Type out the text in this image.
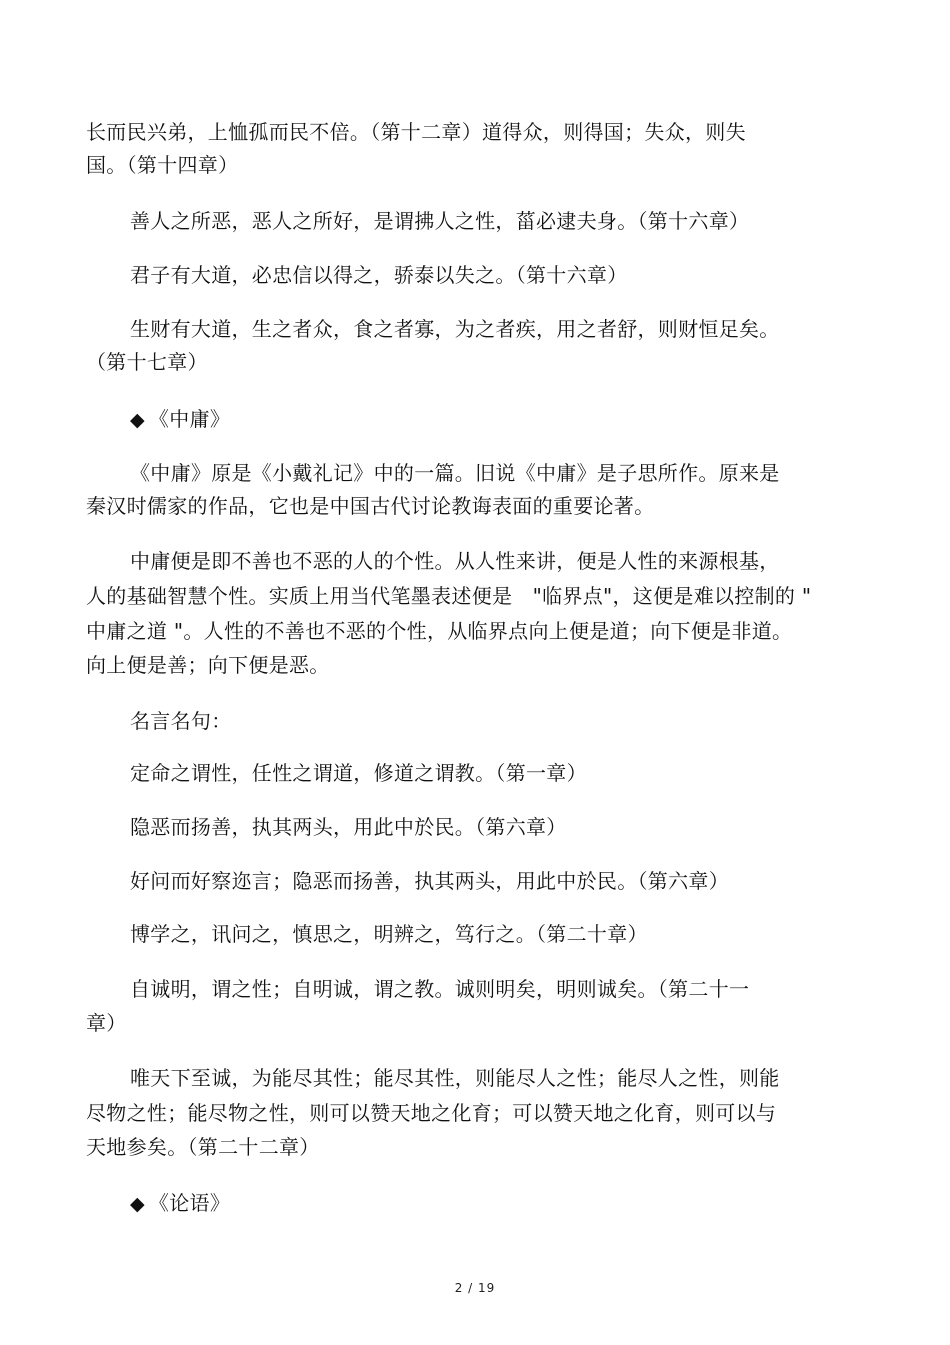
长而民兴弟，上恤孤而民不倍。（第十二章）道得众，则得国；失众，则失
国。（第十四章）
善人之所恶，恶人之所好，是谓拂人之性，菑必逮夫身。（第十六章）
君子有大道，必忠信以得之，骄泰以失之。（第十六章）
生财有大道，生之者众，食之者寡，为之者疾，用之者舒，则财恒足矣。
（第十七章）
◆ 《中庸》
《中庸》原是《小戴礼记》中的一篇。旧说《中庸》是子思所作。原来是
秦汉时儒家的作品，它也是中国古代讨论教诲表面的重要论著。
中庸便是即不善也不恶的人的个性。从人性来讲，便是人性的来源根基，
人的基础智慧个性。实质上用当代笔墨表述便是　"临界点"，这便是难以控制的 "
中庸之道 "。人性的不善也不恶的个性，从临界点向上便是道；向下便是非道。
向上便是善；向下便是恶。
名言名句：
定命之谓性，任性之谓道，修道之谓教。（第一章）
隐恶而扬善，执其两头，用此中於民。（第六章）
好问而好察迩言；隐恶而扬善，执其两头，用此中於民。（第六章）
博学之，讯问之，慎思之，明辨之，笃行之。（第二十章）
自诚明，谓之性；自明诚，谓之教。诚则明矣，明则诚矣。（第二十一
章）
唯天下至诚，为能尽其性；能尽其性，则能尽人之性；能尽人之性，则能
尽物之性；能尽物之性，则可以赞天地之化育；可以赞天地之化育，则可以与
天地参矣。（第二十二章）
◆ 《论语》
2 / 19
